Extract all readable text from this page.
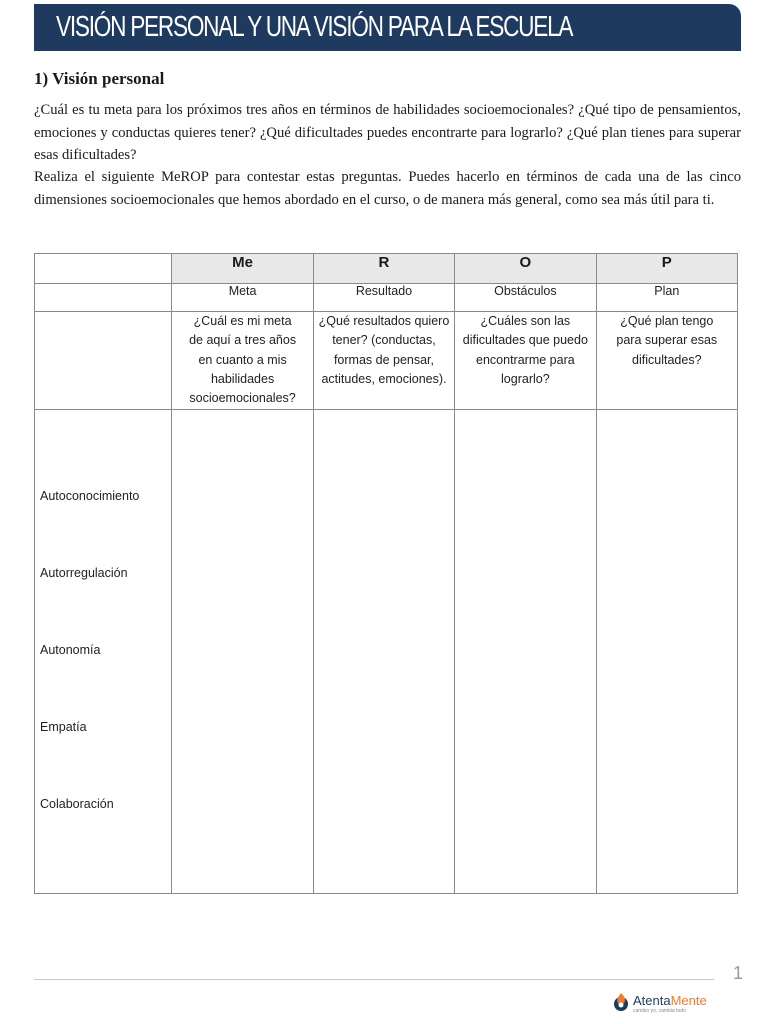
VISIÓN PERSONAL Y UNA VISIÓN PARA LA ESCUELA
1) Visión personal
¿Cuál es tu meta para los próximos tres años en términos de habilidades socioemocionales? ¿Qué tipo de pensamientos, emociones y conductas quieres tener? ¿Qué dificultades puedes encontrarte para lograrlo? ¿Qué plan tienes para superar esas dificultades?
Realiza el siguiente MeROP para contestar estas preguntas. Puedes hacerlo en términos de cada una de las cinco dimensiones socioemocionales que hemos abordado en el curso, o de manera más general, como sea más útil para ti.
	Me	R	O	P
	Meta	Resultado	Obstáculos	Plan

	¿Cuál es mi meta de aquí a tres años en cuanto a mis habilidades socioemocionales?	¿Qué resultados quiero tener? (conductas, formas de pensar, actitudes, emociones).	¿Cuáles son las dificultades que puedo encontrarme para lograrlo?	¿Qué plan tengo para superar esas dificultades?

Autoconocimiento
Autorregulación
Autonomía
Empatía
Colaboración				

1
AtentaMente
cambio yo, cambia todo
